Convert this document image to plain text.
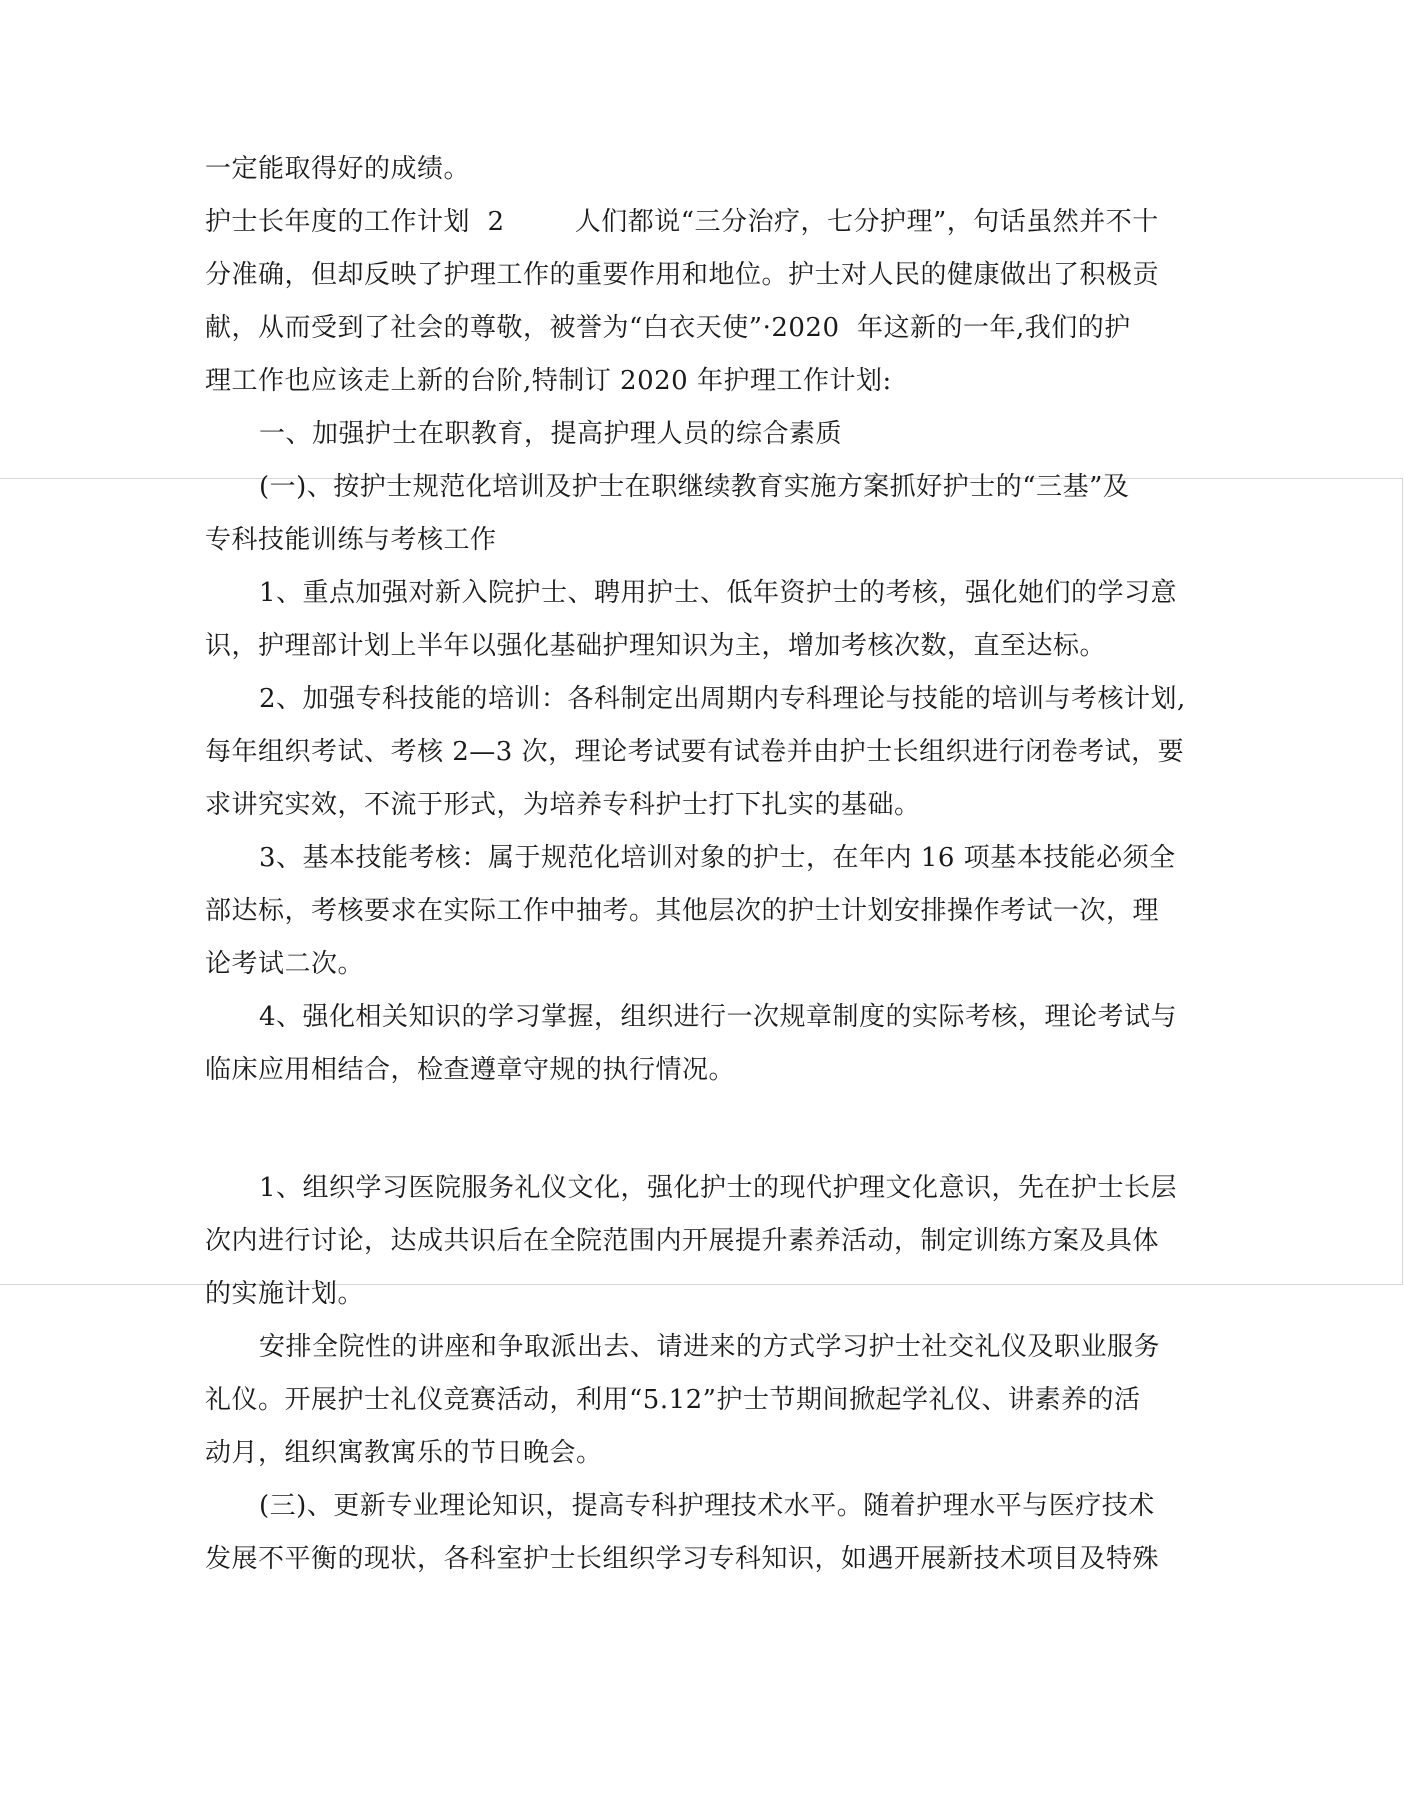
一定能取得好的成绩。
护士长年度的工作计划  2        人们都说“三分治疗，七分护理”，句话虽然并不十
分准确，但却反映了护理工作的重要作用和地位。护士对人民的健康做出了积极贡
献，从而受到了社会的尊敬，被誉为“白衣天使”·2020  年这新的一年,我们的护
理工作也应该走上新的台阶,特制订 2020 年护理工作计划:
一、加强护士在职教育，提高护理人员的综合素质
(一)、按护士规范化培训及护士在职继续教育实施方案抓好护士的“三基”及
专科技能训练与考核工作
1、重点加强对新入院护士、聘用护士、低年资护士的考核，强化她们的学习意
识，护理部计划上半年以强化基础护理知识为主，增加考核次数，直至达标。
2、加强专科技能的培训：各科制定出周期内专科理论与技能的培训与考核计划,
每年组织考试、考核 2—3 次，理论考试要有试卷并由护士长组织进行闭卷考试，要
求讲究实效，不流于形式，为培养专科护士打下扎实的基础。
3、基本技能考核：属于规范化培训对象的护士，在年内 16 项基本技能必须全
部达标，考核要求在实际工作中抽考。其他层次的护士计划安排操作考试一次，理
论考试二次。
4、强化相关知识的学习掌握，组织进行一次规章制度的实际考核，理论考试与
临床应用相结合，检查遵章守规的执行情况。
1、组织学习医院服务礼仪文化，强化护士的现代护理文化意识，先在护士长层
次内进行讨论，达成共识后在全院范围内开展提升素养活动，制定训练方案及具体
的实施计划。
安排全院性的讲座和争取派出去、请进来的方式学习护士社交礼仪及职业服务
礼仪。开展护士礼仪竞赛活动，利用“5.12”护士节期间掀起学礼仪、讲素养的活
动月，组织寓教寓乐的节日晚会。
(三)、更新专业理论知识，提高专科护理技术水平。随着护理水平与医疗技术
发展不平衡的现状，各科室护士长组织学习专科知识，如遇开展新技术项目及特殊
